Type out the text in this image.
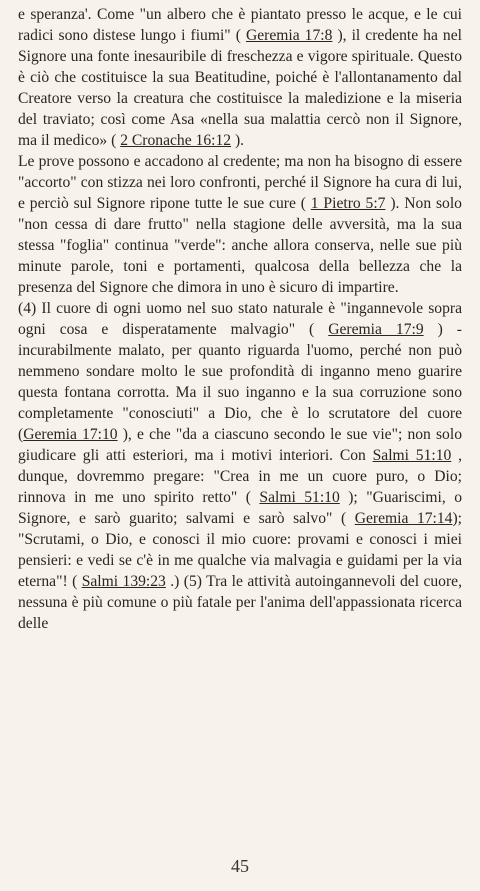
e speranza'. Come "un albero che è piantato presso le acque, e le cui radici sono distese lungo i fiumi" ( Geremia 17:8 ), il credente ha nel Signore una fonte inesauribile di freschezza e vigore spirituale. Questo è ciò che costituisce la sua Beatitudine, poiché è l'allontanamento dal Creatore verso la creatura che costituisce la maledizione e la miseria del traviato; così come Asa «nella sua malattia cercò non il Signore, ma il medico» ( 2 Cronache 16:12 ).

Le prove possono e accadono al credente; ma non ha bisogno di essere "accorto" con stizza nei loro confronti, perché il Signore ha cura di lui, e perciò sul Signore ripone tutte le sue cure ( 1 Pietro 5:7 ). Non solo "non cessa di dare frutto" nella stagione delle avversità, ma la sua stessa "foglia" continua "verde": anche allora conserva, nelle sue più minute parole, toni e portamenti, qualcosa della bellezza che la presenza del Signore che dimora in uno è sicuro di impartire.

(4) Il cuore di ogni uomo nel suo stato naturale è "ingannevole sopra ogni cosa e disperatamente malvagio" ( Geremia 17:9 ) - incurabilmente malato, per quanto riguarda l'uomo, perché non può nemmeno sondare molto le sue profondità di inganno meno guarire questa fontana corrotta. Ma il suo inganno e la sua corruzione sono completamente "conosciuti" a Dio, che è lo scrutatore del cuore (Geremia 17:10 ), e che "da a ciascuno secondo le sue vie"; non solo giudicare gli atti esteriori, ma i motivi interiori. Con Salmi 51:10 , dunque, dovremmo pregare: "Crea in me un cuore puro, o Dio; rinnova in me uno spirito retto" ( Salmi 51:10 ); "Guariscimi, o Signore, e sarò guarito; salvami e sarò salvo" ( Geremia 17:14); "Scrutami, o Dio, e conosci il mio cuore: provami e conosci i miei pensieri: e vedi se c'è in me qualche via malvagia e guidami per la via eterna"! ( Salmi 139:23 .) (5) Tra le attività autoingannevoli del cuore, nessuna è più comune o più fatale per l'anima dell'appassionata ricerca delle

45
